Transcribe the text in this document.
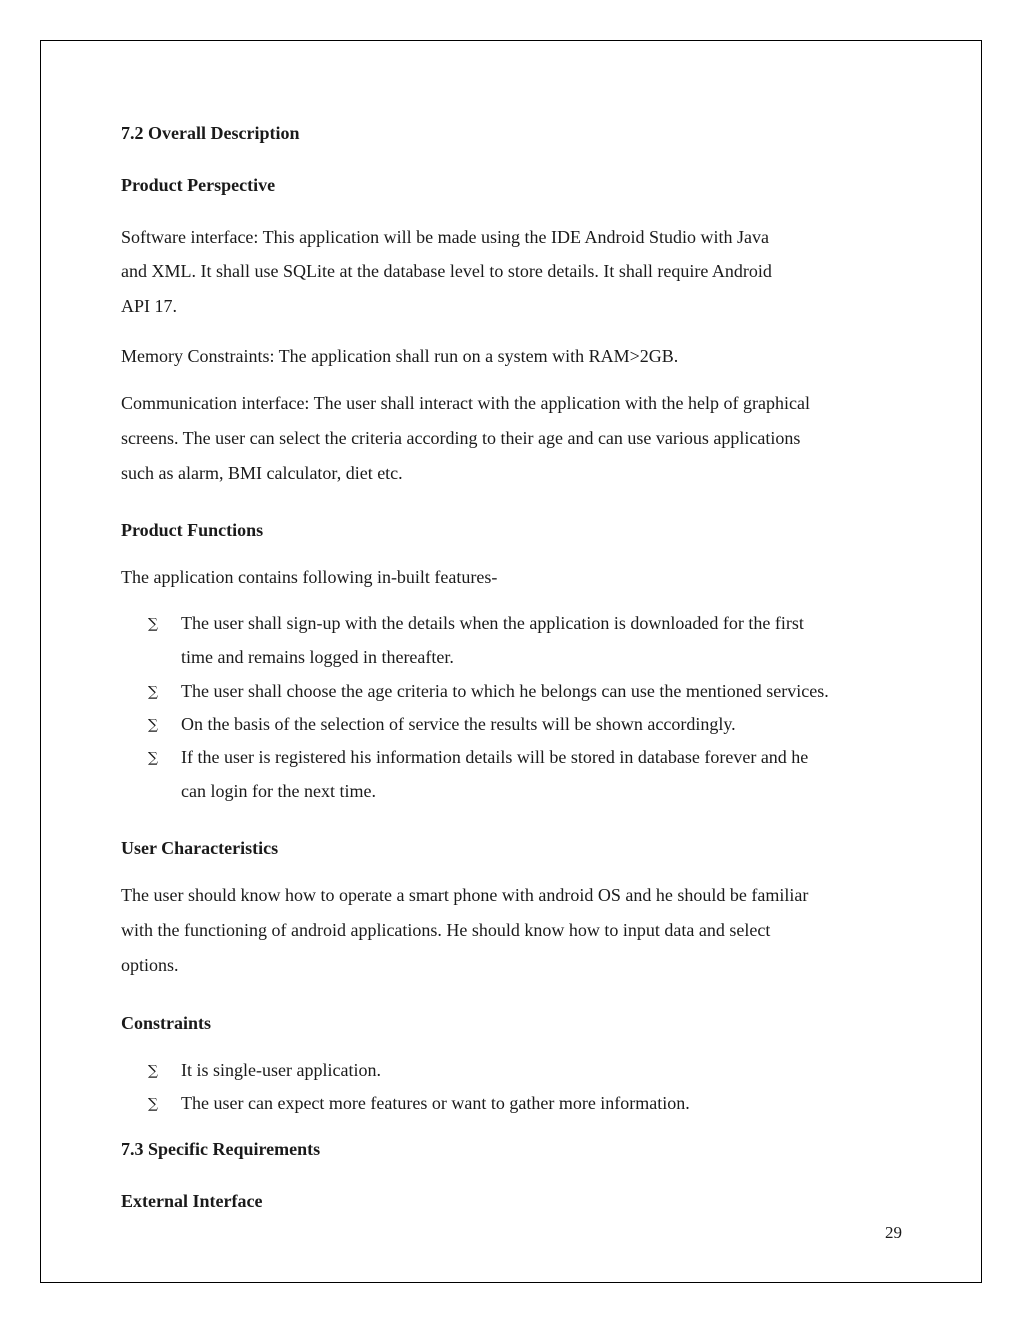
7.2 Overall Description

Product Perspective

Software interface: This application will be made using the IDE Android Studio with Java

and XML. It shall use SQLite at the database level to store details. It shall require Android

API 17.

Memory Constraints: The application shall run on a system with RAM>2GB.

Communication interface: The user shall interact with the application with the help of graphical

screens. The user can select the criteria according to their age and can use various applications

such as alarm, BMI calculator, diet etc.

Product Functions

The application contains following in-built features-

∑ The user shall sign-up with the details when the application is downloaded for the first

time and remains logged in thereafter.

∑ The user shall choose the age criteria to which he belongs can use the mentioned services.

∑ On the basis of the selection of service the results will be shown accordingly.

∑ If the user is registered his information details will be stored in database forever and he

can login for the next time.

User Characteristics

The user should know how to operate a smart phone with android OS and he should be familiar

with the functioning of android applications. He should know how to input data and select

options.

Constraints

∑ It is single-user application.

∑ The user can expect more features or want to gather more information.

7.3 Specific Requirements

External Interface

29
